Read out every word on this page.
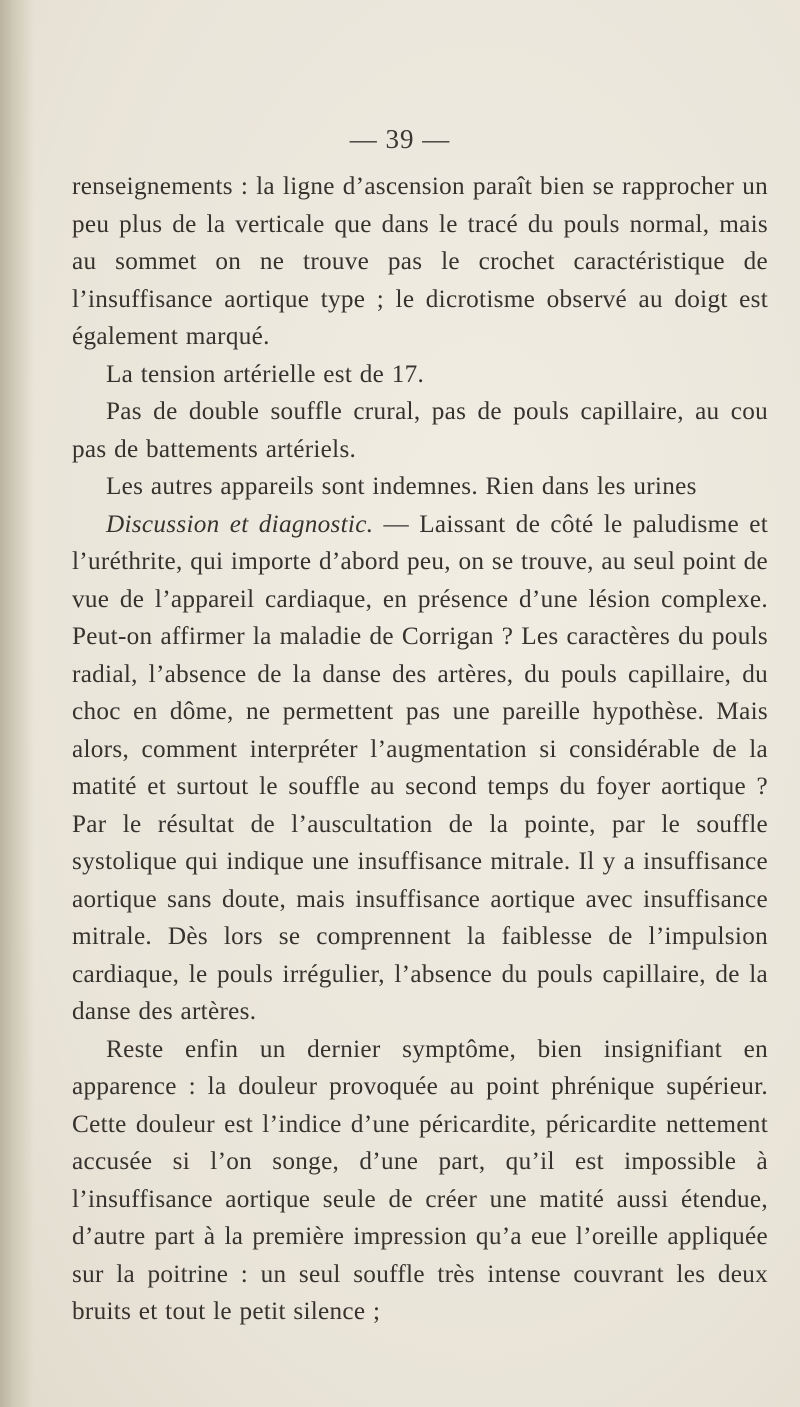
— 39 —

renseignements : la ligne d’ascension paraît bien se rapprocher un peu plus de la verticale que dans le tracé du pouls normal, mais au sommet on ne trouve pas le crochet caractéristique de l’insuffisance aortique type ; le dicrotisme observé au doigt est également marqué.

La tension artérielle est de 17.

Pas de double souffle crural, pas de pouls capillaire, au cou pas de battements artériels.

Les autres appareils sont indemnes. Rien dans les urines

Discussion et diagnostic. — Laissant de côté le paludisme et l’uréthrite, qui importe d’abord peu, on se trouve, au seul point de vue de l’appareil cardiaque, en présence d’une lésion complexe. Peut-on affirmer la maladie de Corrigan ? Les caractères du pouls radial, l’absence de la danse des artères, du pouls capillaire, du choc en dôme, ne permettent pas une pareille hypothèse. Mais alors, comment interpréter l’augmentation si considérable de la matité et surtout le souffle au second temps du foyer aortique ? Par le résultat de l’auscultation de la pointe, par le souffle systolique qui indique une insuffisance mitrale. Il y a insuffisance aortique sans doute, mais insuffisance aortique avec insuffisance mitrale. Dès lors se comprennent la faiblesse de l’impulsion cardiaque, le pouls irrégulier, l’absence du pouls capillaire, de la danse des artères.

Reste enfin un dernier symptôme, bien insignifiant en apparence : la douleur provoquée au point phrénique supérieur. Cette douleur est l’indice d’une péricardite, péricardite nettement accusée si l’on songe, d’une part, qu’il est impossible à l’insuffisance aortique seule de créer une matité aussi étendue, d’autre part à la première impression qu’a eue l’oreille appliquée sur la poitrine : un seul souffle très intense couvrant les deux bruits et tout le petit silence ;
